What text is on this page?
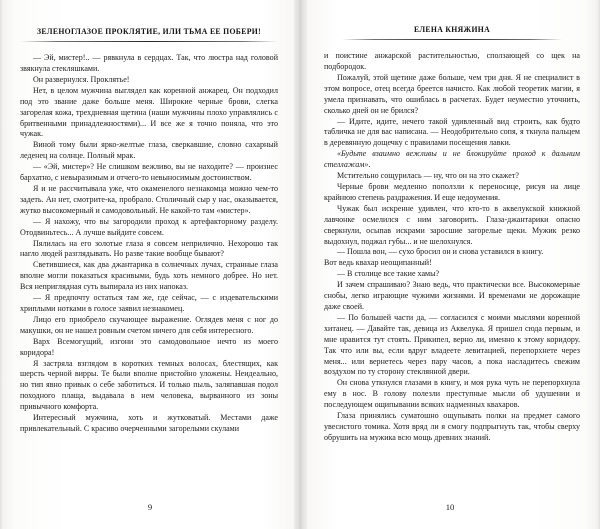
ЗЕЛЕНОГЛАЗОЕ ПРОКЛЯТИЕ, ИЛИ ТЬМА ЕЕ ПОБЕРИ!

— Эй, мистер!.. — рявкнула в сердцах. Так, что люстра над головой звякнула стекляшками.

Он развернулся. Проклятье!

Нет, в целом мужчина выглядел как коренной анжарец. Он подходил под это звание даже больше меня. Широкие черные брови, слегка загорелая кожа, трехдневная щетина (наши мужчины плохо управлялись с бритвенными принадлежностями)... И все же я точно поняла, что это чужак.

Виной тому были ярко-желтые глаза, сверкавшие, словно сахарный леденец на солнце. Полный мрак.

— «Эй, мистер»? Не слишком вежливо, вы не находите? — произнес бархатно, с невыразимым и отчего-то невыносимым достоинством.

Я и не рассчитывала уже, что окаменелого незнакомца можно чем-то задеть. Ан нет, смотрите-ка, пробрало. Столичный сыр у нас, оказывается, жутко высокомерный и самодовольный. Не какой-то там «мистер».

— Я нахожу, что вы загородили проход к артефакторному разделу. Отодвиньтесь... А лучше выйдите совсем.

Пялилась на его золотые глаза я совсем неприлично. Нехорошо так нагло людей разглядывать. Но разве такие вообще бывают?

Светившиеся, как два джантарика в солнечных лучах, странные глаза вполне могли показаться красивыми, будь хоть немного добрее. Но нет. Вся неприглядная суть выпирала из них напоказ.

— Я предпочту остаться там же, где сейчас, — с издевательскими хриплыми нотками в голосе заявил незнакомец.

Лицо его приобрело скучающее выражение. Оглядев меня с ног до макушки, он не нашел ровным счетом ничего для себя интересного.

Варх Всемогущий, изгони это самодовольное нечто из моего коридора!

Я застряла взглядом в коротких темных волосах, блестящих, как шерсть черной вирры. Те были вполне пристойно уложены. Неидеально, но тип явно привык о себе заботиться. И только пыль, заляпавшая подол походного плаща, выдавала в нем человека, вырванного из зоны привычного комфорта.

Интересный мужчина, хоть и жутковатый. Местами даже привлекательный. С красиво очерченными загорелыми скулами

9
ЕЛЕНА КНЯЖИНА

и поистине анжарской растительностью, сползающей со щек на подбородок.

Пожалуй, этой щетине даже больше, чем три дня. Я не специалист в этом вопросе, отец всегда бреется начисто. Как любой теоретик магии, я умела признавать, что ошиблась в расчетах. Будет неуместно уточнить, сколько дней он не брился?

— Идите, идите, нечего такой удивленный вид строить, как будто табличка не для вас написана. — Неодобрительно сопя, я ткнула пальцем в деревянную дощечку с правилами посещения лавки.

«Будьте взаимно вежливы и не блокируйте проход к дальним стеллажам».

Мстительно сощурилась — ну, что он на это скажет?

Черные брови медленно поползли к переносице, рисуя на лице крайнюю степень раздражения. И еще недоумения.

Чужак был искренне удивлен, что кто-то в аквелукской книжной лавчонке осмелился с ним заговорить. Глаза-джантарики опасно сверкнули, осыпав искрами заросшие загорелые щеки. Мужик резко выдохнул, поджал губы... и не шелохнулся.

— Пошла вон, — сухо бросил он и снова уставился в книгу.

Вот ведь квахар неощипанный!

— В столице все такие хамы?

И зачем спрашиваю? Знаю ведь, что практически все. Высокомерные снобы, легко играющие чужими жизнями. И временами не дорожащие даже своей.

— По большей части да, — согласился с моими мыслями коренной хитанец. — Давайте так, девица из Аквелука. Я пришел сюда первым, и мне нравится тут стоять. Прикипел, верно ли, именно к этому коридору. Так что или вы, если вдруг владеете левитацией, перепорхнете через меня... или вернетесь через пару часов, а пока насладитесь свежим воздухом по ту сторону стеклянной двери.

Он снова уткнулся глазами в книгу, и моя рука чуть не перепорхнула ему в нос. В голову полезли преступные мысли об удушении и последующем ощипывании всяких надменных квахаров.

Глаза принялись суматошно ощупывать полки на предмет самого увесистого томика. Хотя вряд ли я смогу подпрыгнуть так, чтобы сверху обрушить на мужика всю мощь древних знаний.

10
